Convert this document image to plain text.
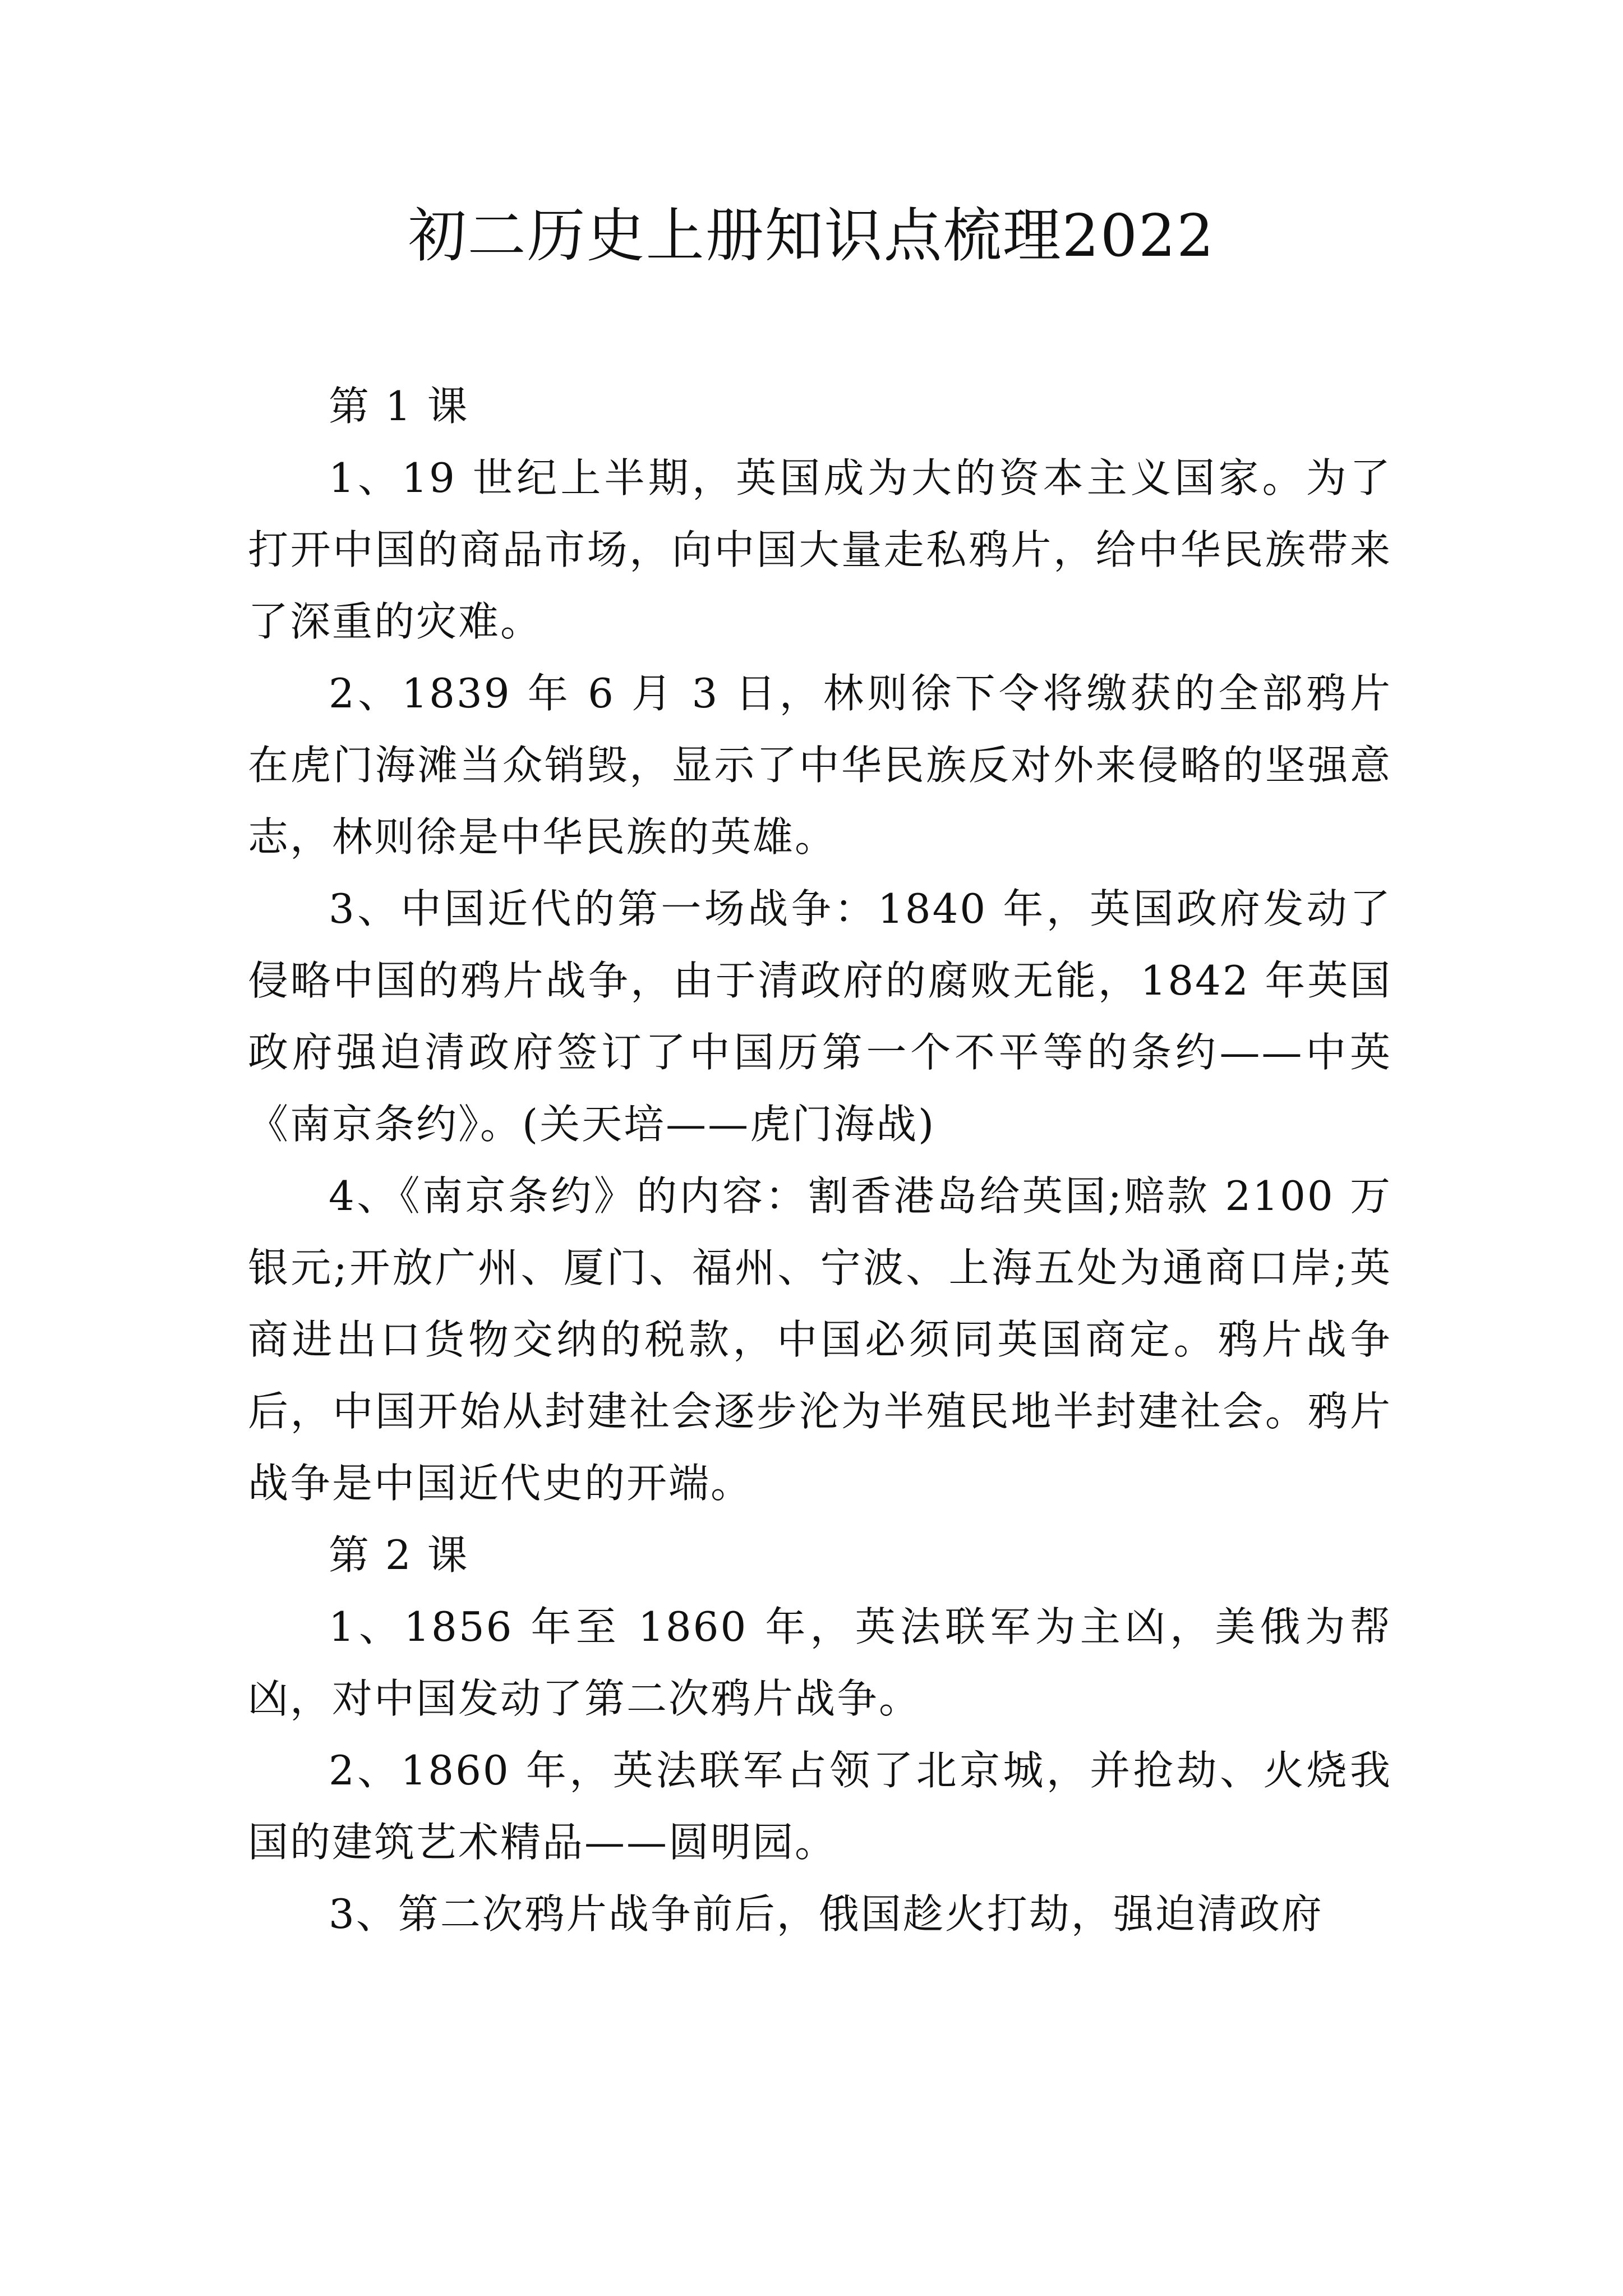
初二历史上册知识点梳理2022

第 1 课

1、19 世纪上半期，英国成为大的资本主义国家。为了打开中国的商品市场，向中国大量走私鸦片，给中华民族带来了深重的灾难。

2、1839 年 6 月 3 日，林则徐下令将缴获的全部鸦片在虎门海滩当众销毁，显示了中华民族反对外来侵略的坚强意志，林则徐是中华民族的英雄。

3、中国近代的第一场战争：1840 年，英国政府发动了侵略中国的鸦片战争，由于清政府的腐败无能，1842 年英国政府强迫清政府签订了中国历第一个不平等的条约——中英《南京条约》。(关天培——虎门海战)

4、《南京条约》的内容：割香港岛给英国;赔款 2100 万银元;开放广州、厦门、福州、宁波、上海五处为通商口岸;英商进出口货物交纳的税款，中国必须同英国商定。鸦片战争后，中国开始从封建社会逐步沦为半殖民地半封建社会。鸦片战争是中国近代史的开端。

第 2 课

1、1856 年至 1860 年，英法联军为主凶，美俄为帮凶，对中国发动了第二次鸦片战争。

2、1860 年，英法联军占领了北京城，并抢劫、火烧我国的建筑艺术精品——圆明园。

3、第二次鸦片战争前后，俄国趁火打劫，强迫清政府
